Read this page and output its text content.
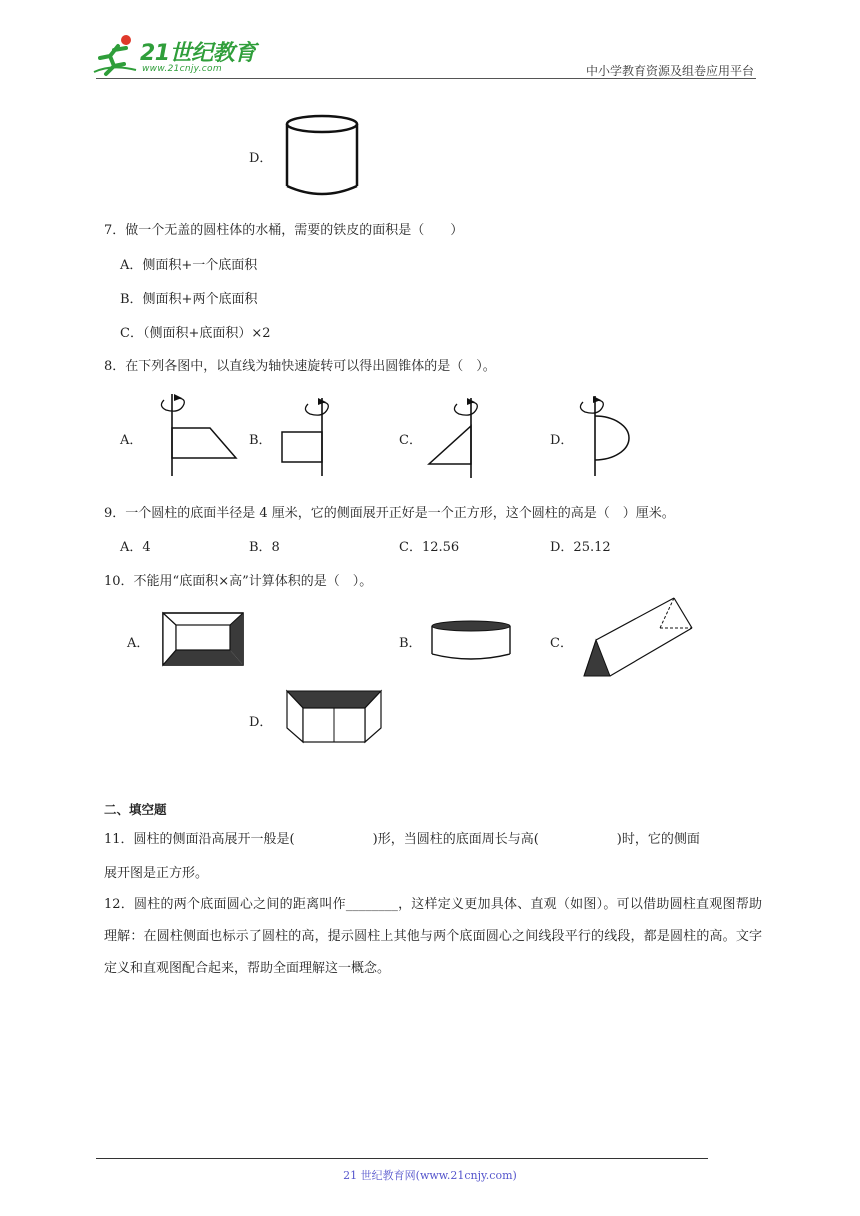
21世纪教育
www.21cnjy.com	中小学教育资源及组卷应用平台
D．
7．做一个无盖的圆柱体的水桶，需要的铁皮的面积是（　　）
A．侧面积+一个底面积
B．侧面积+两个底面积
C．（侧面积+底面积）×2
8．在下列各图中，以直线为轴快速旋转可以得出圆锥体的是（　）。
A．	B．	C．	D．
9．一个圆柱的底面半径是 4 厘米，它的侧面展开正好是一个正方形，这个圆柱的高是（　）厘米。
A．4	B．8	C．12.56	D．25.12
10．不能用“底面积×高”计算体积的是（　）。
A．	B．	C．
D．
二、填空题
11．圆柱的侧面沿高展开一般是(	)形，当圆柱的底面周长与高(	)时，它的侧面
展开图是正方形。
12．圆柱的两个底面圆心之间的距离叫作________，这样定义更加具体、直观（如图）。可以借助圆柱直观图帮助理解：在圆柱侧面也标示了圆柱的高，提示圆柱上其他与两个底面圆心之间线段平行的线段，都是圆柱的高。文字定义和直观图配合起来，帮助全面理解这一概念。
21 世纪教育网(www.21cnjy.com)
